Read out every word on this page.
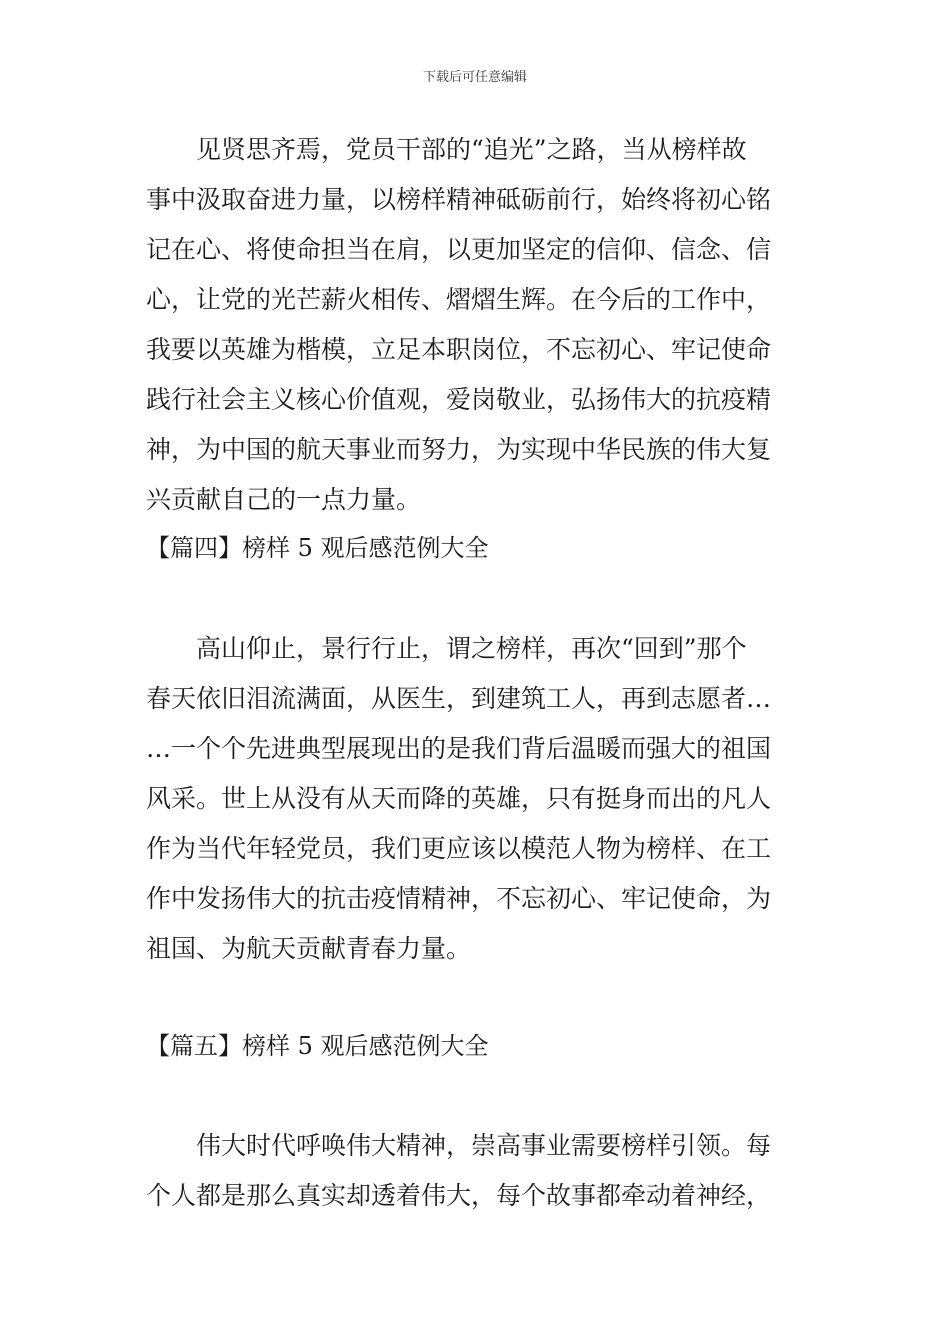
下载后可任意编辑
见贤思齐焉，党员干部的“追光”之路，当从榜样故
事中汲取奋进力量，以榜样精神砥砺前行，始终将初心铭
记在心、将使命担当在肩，以更加坚定的信仰、信念、信
心，让党的光芒薪火相传、熠熠生辉。在今后的工作中，
我要以英雄为楷模，立足本职岗位，不忘初心、牢记使命
践行社会主义核心价值观，爱岗敬业，弘扬伟大的抗疫精
神，为中国的航天事业而努力，为实现中华民族的伟大复
兴贡献自己的一点力量。
【篇四】榜样 5 观后感范例大全
高山仰止，景行行止，谓之榜样，再次“回到”那个
春天依旧泪流满面，从医生，到建筑工人，再到志愿者…
…一个个先进典型展现出的是我们背后温暖而强大的祖国
风采。世上从没有从天而降的英雄，只有挺身而出的凡人
作为当代年轻党员，我们更应该以模范人物为榜样、在工
作中发扬伟大的抗击疫情精神，不忘初心、牢记使命，为
祖国、为航天贡献青春力量。
【篇五】榜样 5 观后感范例大全
伟大时代呼唤伟大精神，崇高事业需要榜样引领。每
个人都是那么真实却透着伟大，每个故事都牵动着神经，
